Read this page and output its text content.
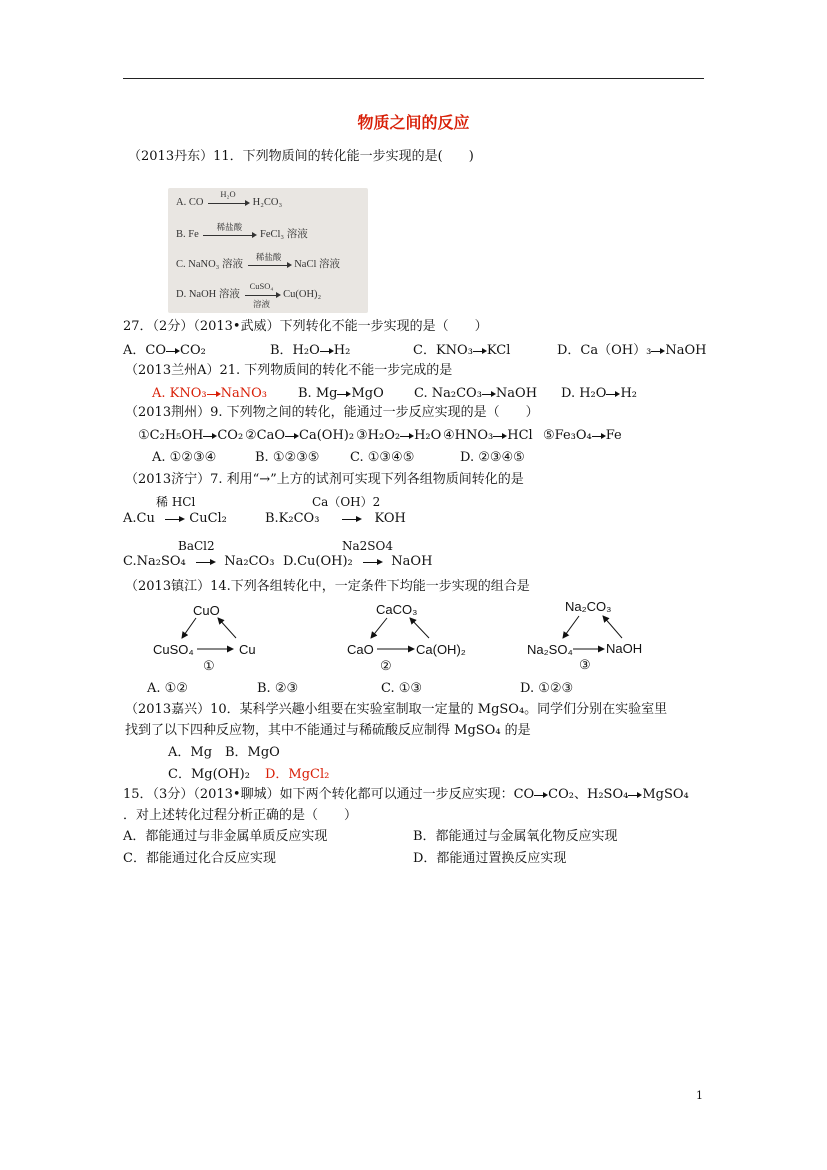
物质之间的反应
（2013丹东）11．下列物质间的转化能一步实现的是(　　)
A. CO
H₂O
H₂CO₃
B. Fe
稀盐酸
FeCl₃ 溶液
C. NaNO₃ 溶液
稀盐酸
NaCl 溶液
D. NaOH 溶液
CuSO₄
溶液
Cu(OH)₂
27．（2分）（2013•武威）下列转化不能一步实现的是（　　）
A．CO CO₂	B．H₂O H₂	C．KNO₃ KCl	D．Ca（OH）₃ NaOH
（2013兰州A）21. 下列物质间的转化不能一步完成的是
A. KNO₃ NaNO₃ B. Mg MgO C. Na₂CO₃ NaOH D. H₂O H₂
（2013荆州）9. 下列物之间的转化，能通过一步反应实现的是（　　）
①C₂H₅OH CO₂ ②CaO Ca(OH)₂ ③H₂O₂ H₂O ④HNO₃ HCl ⑤Fe₃O₄ Fe
A. ①②③④	B. ①②③⑤ C. ①③④⑤	D. ②③④⑤
（2013济宁）7. 利用“→”上方的试剂可实现下列各组物质间转化的是
稀 HCl	Ca（OH）2
A.Cu	CuCl₂	B.K₂CO₃	KOH
BaCl2	Na2SO4
C.Na₂SO₄	Na₂CO₃ D.Cu(OH)₂	NaOH
（2013镇江）14.下列各组转化中，一定条件下均能一步实现的组合是
CuO
CuSO₄	Cu
①
CaCO₃
CaO	Ca(OH)₂
②
Na₂CO₃
Na₂SO₄	NaOH
③
A. ①②	B. ②③	C. ①③	D. ①②③
（2013嘉兴）10．某科学兴趣小组要在实验室制取一定量的 MgSO₄。同学们分别在实验室里
找到了以下四种反应物，其中不能通过与稀硫酸反应制得 MgSO₄ 的是
A．Mg B．MgO
C．Mg(OH)₂ D．MgCl₂
15．（3分）（2013•聊城）如下两个转化都可以通过一步反应实现：CO CO₂、H₂SO₄ MgSO₄
．对上述转化过程分析正确的是（　　）
A．都能通过与非金属单质反应实现	B．都能通过与金属氧化物反应实现
C．都能通过化合反应实现	D．都能通过置换反应实现
1
